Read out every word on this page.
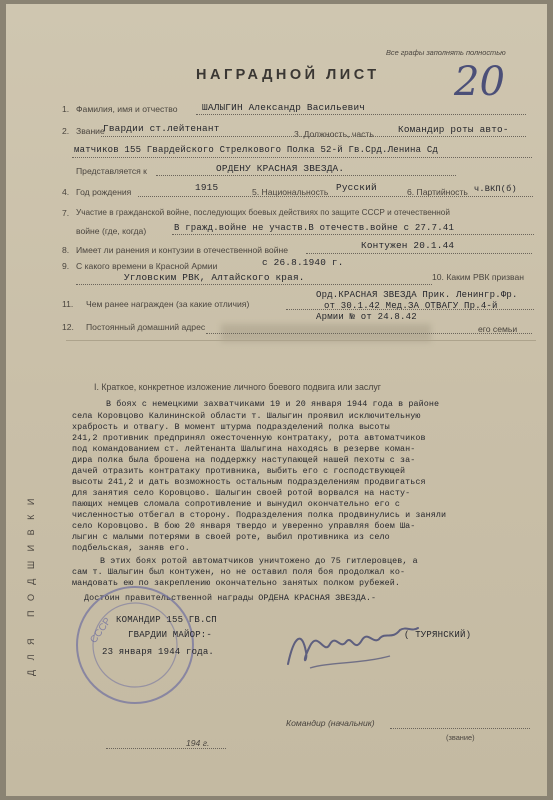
Все графы заполнять полностью
20
НАГРАДНОЙ ЛИСТ
ДЛЯ ПОДШИВКИ
1. Фамилия, имя и отчество	ШАЛЫГИН Александр Васильевич
2. Звание
Гвардии ст.лейтенант	3. Должность, часть	Командир роты авто-
матчиков 155 Гвардейского Стрелкового Полка 52-й Гв.Срд.Ленина Сд
Представляется к	ОРДЕНУ КРАСНАЯ ЗВЕЗДА.
4. Год рождения	1915	5. Национальность Русский	6. Партийность ч.ВКП(б)
7. Участие в гражданской войне, последующих боевых действиях по защите СССР и отечественной
войне (где, когда)	В гражд.войне не участв.В отечеств.войне с 27.7.41
8. Имеет ли ранения и контузии в отечественной войне	Контужен 20.1.44
9. С какого времени в Красной Армии	с 26.8.1940 г.
Угловским РВК, Алтайского края.	10. Каким РВК призван
11. Чем ранее награжден (за какие отличия)
Орд.КРАСНАЯ ЗВЕЗДА Прик. Ленингр.Фр.
от 30.1.42 Мед.ЗА ОТВАГУ Пр.4-й
Армии № от 24.8.42
12. Постоянный домашний адрес	его семьи
I. Краткое, конкретное изложение личного боевого подвига или заслуг
В боях с немецкими захватчиками 19 и 20 января 1944 года в районе
села Коровцово Калининской области т. Шалыгин проявил исключительную
храбрость и отвагу. В момент штурма подразделений полка высоты
241,2 противник предпринял ожесточенную контратаку, рота автоматчиков
под командованием ст. лейтенанта Шалыгина находясь в резерве коман-
дира полка была брошена на поддержку наступающей нашей пехоты с за-
дачей отразить контратаку противника, выбить его с господствующей
высоты 241,2 и дать возможность остальным подразделениям продвигаться
для занятия село Коровцово. Шалыгин своей ротой ворвался на насту-
пающих немцев сломала сопротивление и вынудил окончательно его с
численностью отбегал в сторону. Подразделения полка продвинулись и заняли
село Коровцово. В бою 20 января твердо и уверенно управляя боем Ша-
лыгин с малыми потерями в своей роте, выбил противника из село
подбельская, заняв его.
В этих боях ротой автоматчиков уничтожено до 75 гитлеровцев, а
сам т. Шалыгин был контужен, но не оставил поля боя продолжал ко-
мандовать ею по закреплению окончательно занятых полком рубежей.
Достоин правительственной награды ОРДЕНА КРАСНАЯ ЗВЕЗДА.-
СССР КОМАНДИР 155 ГВ.СП
ГВАРДИИ МАЙОР:-	( ТУРЯНСКИЙ)
23 января 1944 года.
Командир (начальник)
(звание)
194 г.
